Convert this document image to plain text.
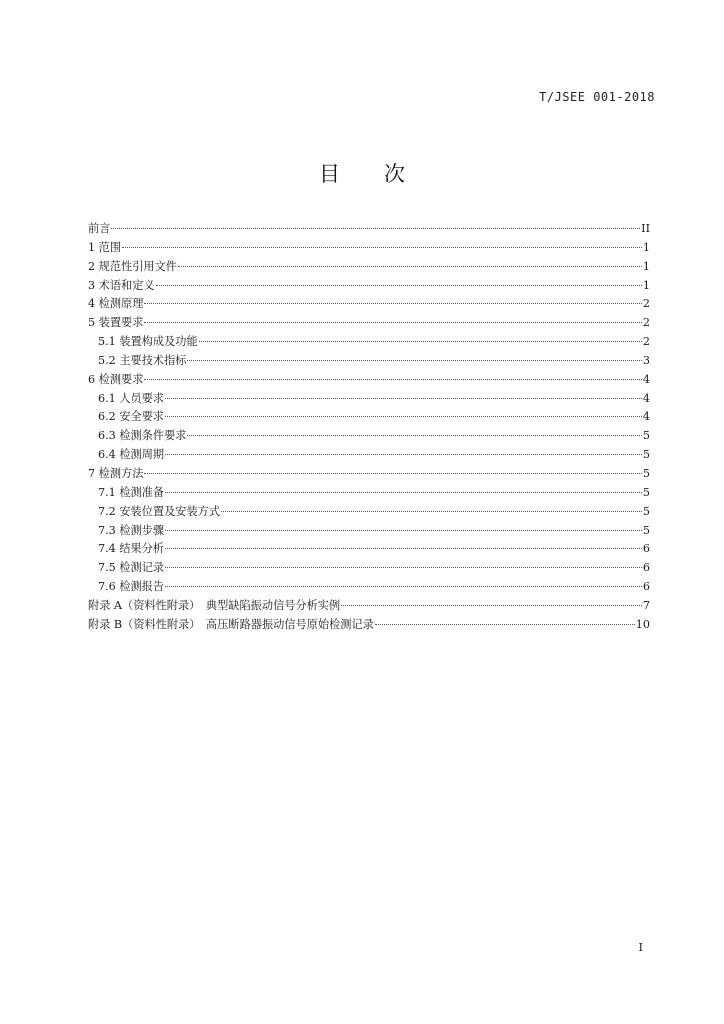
T/JSEE 001-2018
目 次
前言	II
1 范围	1
2 规范性引用文件	1
3 术语和定义	1
4 检测原理	2
5 装置要求	2
5.1 装置构成及功能	2
5.2 主要技术指标	3
6 检测要求	4
6.1 人员要求	4
6.2 安全要求	4
6.3 检测条件要求	5
6.4 检测周期	5
7 检测方法	5
7.1 检测准备	5
7.2 安装位置及安装方式	5
7.3 检测步骤	5
7.4 结果分析	6
7.5 检测记录	6
7.6 检测报告	6
附录 A（资料性附录）　典型缺陷振动信号分析实例	7
附录 B（资料性附录）　高压断路器振动信号原始检测记录	10
I
